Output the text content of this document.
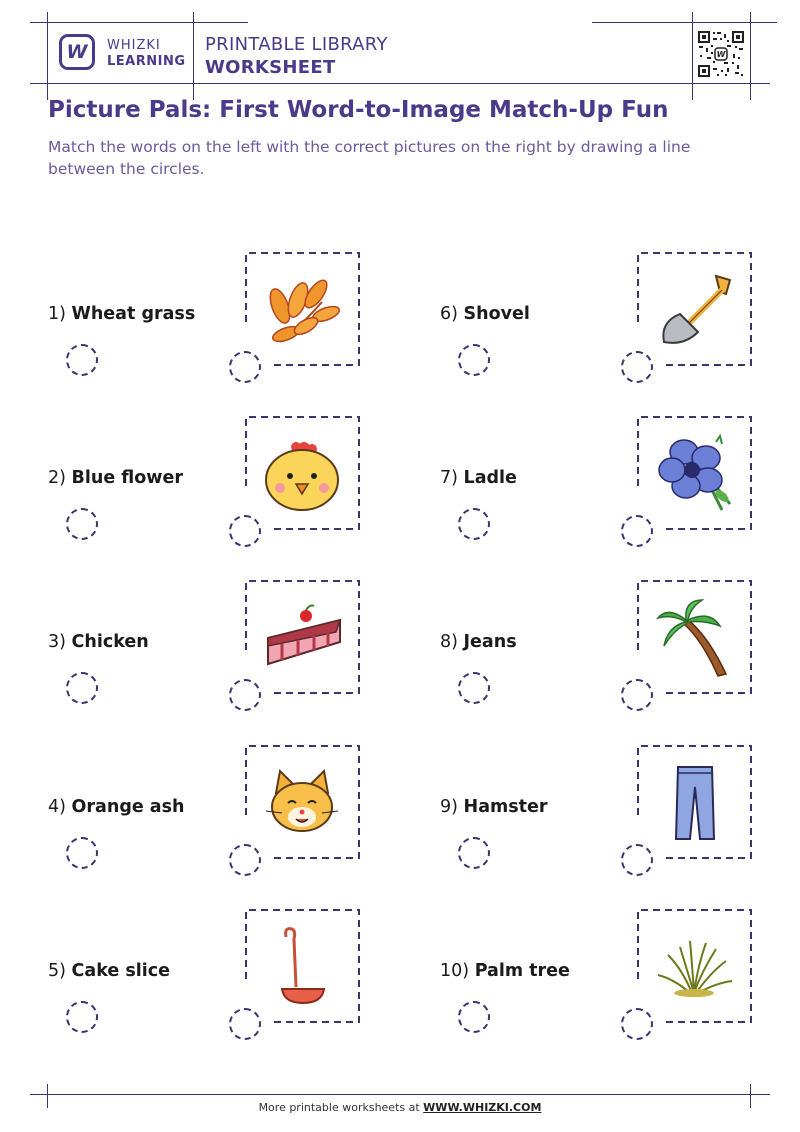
W WHIZKI
LEARNING
PRINTABLE LIBRARY
WORKSHEET
W
Picture Pals: First Word-to-Image Match-Up Fun
Match the words on the left with the correct pictures on the right by drawing a line between the circles.
1) Wheat grass
2) Blue flower
3) Chicken
4) Orange ash
5) Cake slice
6) Shovel
7) Ladle
8) Jeans
9) Hamster
10) Palm tree
More printable worksheets at WWW.WHIZKI.COM
